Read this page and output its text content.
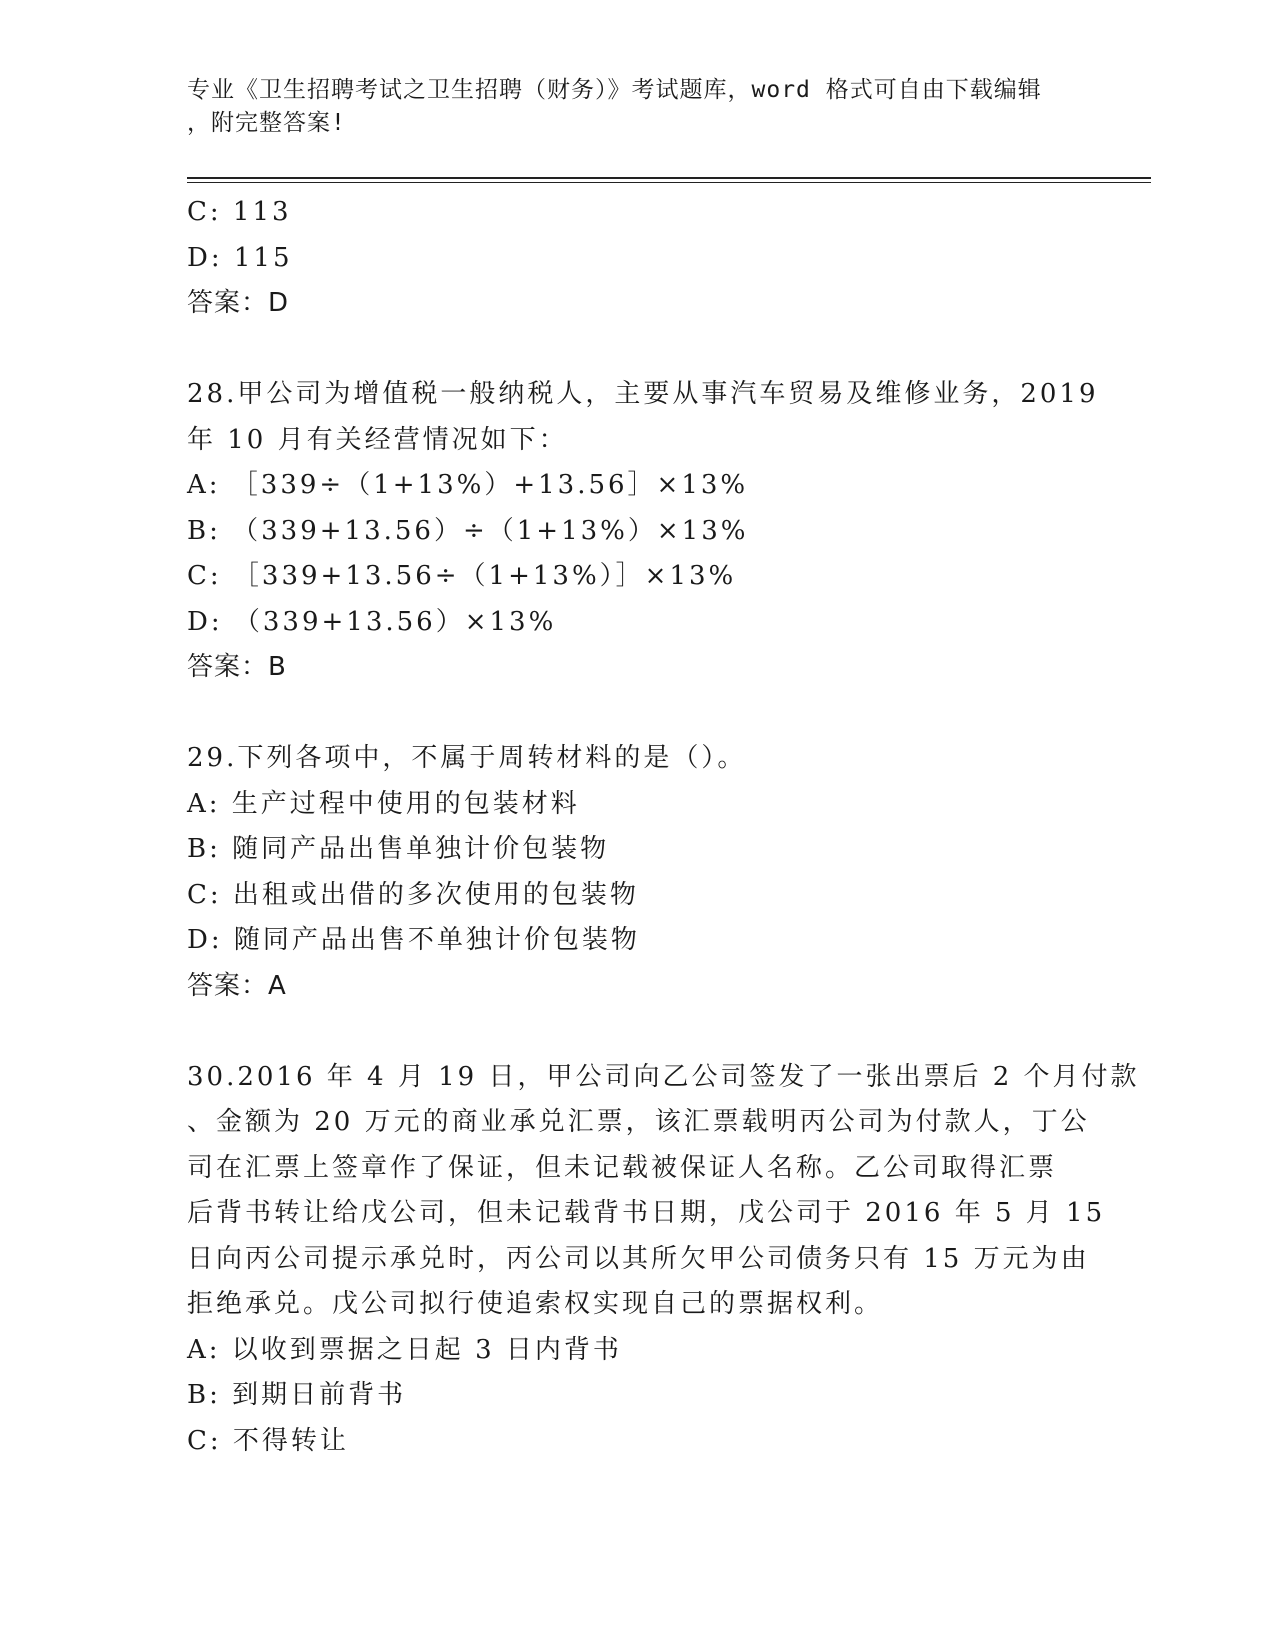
专业《卫生招聘考试之卫生招聘（财务）》考试题库，word 格式可自由下载编辑
，附完整答案!
C: 113
D: 115
答案：D
28.甲公司为增值税一般纳税人，主要从事汽车贸易及维修业务，2019
年 10 月有关经营情况如下：
A: ［339÷（1+13%）+13.56］×13%
B: （339+13.56）÷（1+13%）×13%
C: ［339+13.56÷（1+13%）］×13%
D: （339+13.56）×13%
答案：B
29.下列各项中，不属于周转材料的是（）。
A: 生产过程中使用的包装材料
B: 随同产品出售单独计价包装物
C: 出租或出借的多次使用的包装物
D: 随同产品出售不单独计价包装物
答案：A
30.2016 年 4 月 19 日，甲公司向乙公司签发了一张出票后 2 个月付款
、金额为 20 万元的商业承兑汇票，该汇票载明丙公司为付款人，丁公
司在汇票上签章作了保证，但未记载被保证人名称。乙公司取得汇票
后背书转让给戊公司，但未记载背书日期，戊公司于 2016 年 5 月 15
日向丙公司提示承兑时，丙公司以其所欠甲公司债务只有 15 万元为由
拒绝承兑。戊公司拟行使追索权实现自己的票据权利。
A: 以收到票据之日起 3 日内背书
B: 到期日前背书
C: 不得转让
